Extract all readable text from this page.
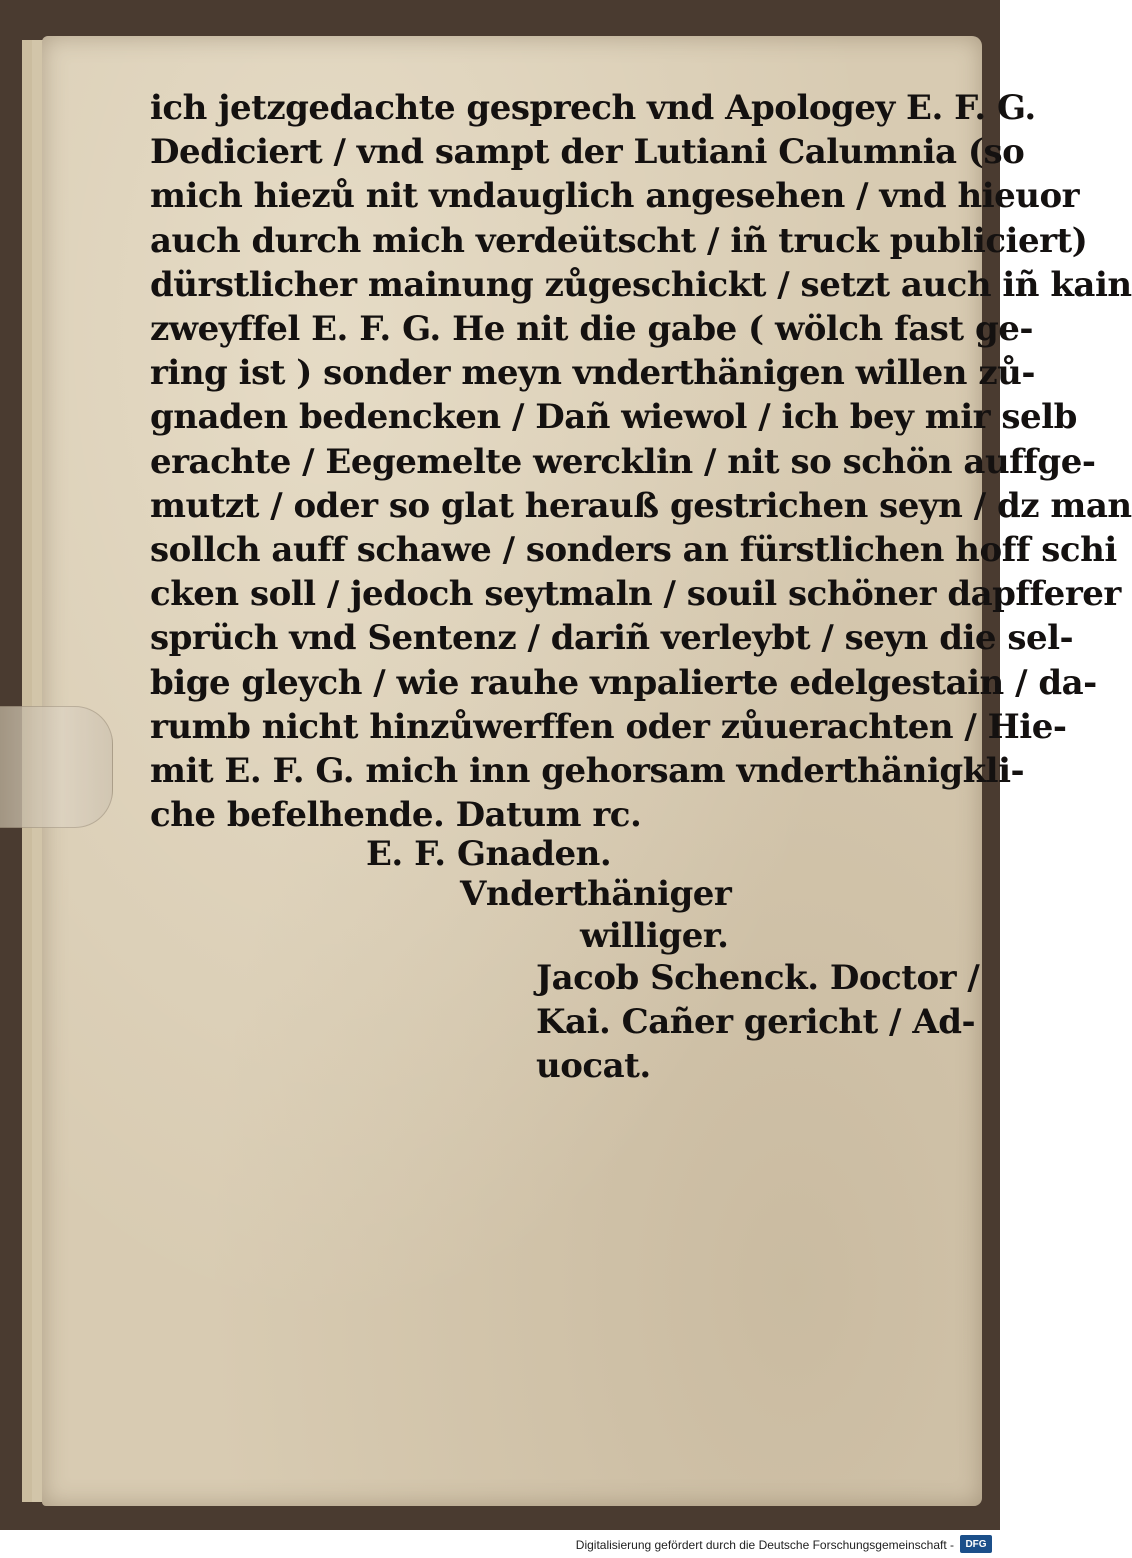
ich jetzgedachte gesprech vnd Apologey E. F. G.
Dediciert / vnd sampt der Lutiani Calumnia (so
mich hiezů nit vndauglich angesehen / vnd hieuor
auch durch mich verdeütscht / iñ truck publiciert)
dürstlicher mainung zůgeschickt / setzt auch iñ kain
zweyffel E. F. G. He nit die gabe ( wölch fast ge-
ring ist ) sonder meyn vnderthänigen willen zů-
gnaden bedencken / Dañ wiewol / ich bey mir selb
erachte / Eegemelte wercklin / nit so schön auffge-
mutzt / oder so glat herauß gestrichen seyn / dz man
sollch auff schawe / sonders an fürstlichen hoff schi
cken soll / jedoch seytmaln / souil schöner dapfferer
sprüch vnd Sentenz / dariñ verleybt / seyn die sel-
bige gleych / wie rauhe vnpalierte edelgestain / da-
rumb nicht hinzůwerffen oder zůuerachten / Hie-
mit E. F. G. mich inn gehorsam vnderthänigkli-
che befelhende. Datum rc.
E. F. Gnaden.
Vnderthäniger
williger.
Jacob Schenck. Doctor /
Kai. Cañer gericht / Ad-
uocat.
Digitalisierung gefördert durch die Deutsche Forschungsgemeinschaft -	DFG
